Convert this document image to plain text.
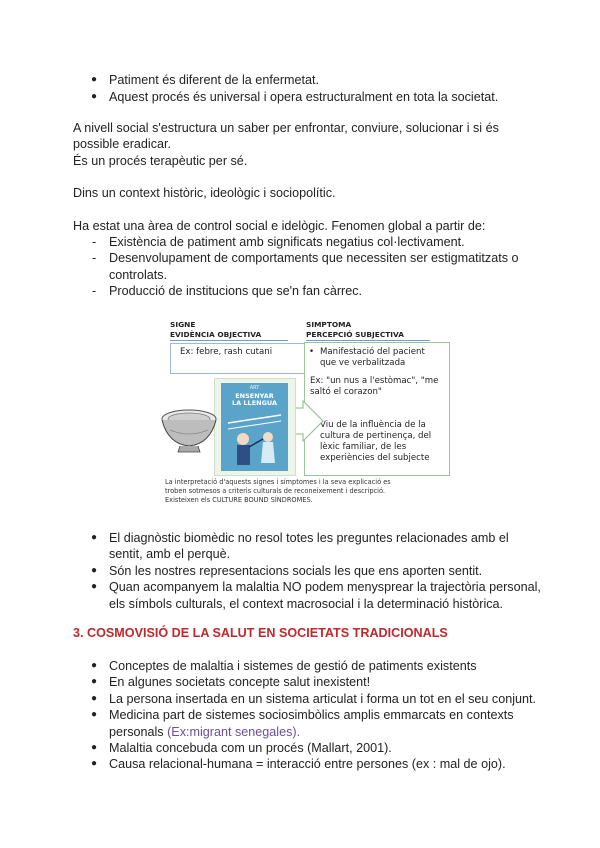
● Patiment és diferent de la enfermetat.
● Aquest procés és universal i opera estructuralment en tota la societat.
A nivell social s'estructura un saber per enfrontar, conviure, solucionar i si és
possible eradicar.
És un procés terapèutic per sé.
Dins un context històric, ideològic i sociopolític.
Ha estat una àrea de control social e idelògic. Fenomen global a partir de:
- Existència de patiment amb significats negatius col·lectivament.
- Desenvolupament de comportaments que necessiten ser estigmatitzats o
controlats.
- Producció de institucions que se'n fan càrrec.
SIGNE
EVIDÈNCIA OBJECTIVA
Ex: febre, rash cutani
SIMPTOMA
PERCEPCIÓ SUBJECTIVA
• Manifestació del pacient
que ve verbalitzada
Ex: "un nus a l'estòmac", "me
saltó el corazon"
Viu de la influència de la
cultura de pertinença, del
lèxic familiar, de les
experiències del subjecte
ART
ENSENYAR
LA LLENGUA
La interpretació d'aquests signes i símptomes i la seva explicació es
troben sotmesos a criteris culturals de reconeixement i descripció.
Existeixen els CULTURE BOUND SÍNDROMES.
● El diagnòstic biomèdic no resol totes les preguntes relacionades amb el
sentit, amb el perquè.
● Són les nostres representacions socials les que ens aporten sentit.
● Quan acompanyem la malaltia NO podem menysprear la trajectòria personal,
els símbols culturals, el context macrosocial i la determinació històrica.
3. COSMOVISIÓ DE LA SALUT EN SOCIETATS TRADICIONALS
● Conceptes de malaltia i sistemes de gestió de patiments existents
● En algunes societats concepte salut inexistent!
● La persona insertada en un sistema articulat i forma un tot en el seu conjunt.
● Medicina part de sistemes sociosimbòlics amplis emmarcats en contexts
personals (Ex:migrant senegales).
● Malaltia concebuda com un procés (Mallart, 2001).
● Causa relacional-humana = interacció entre persones (ex : mal de ojo).
